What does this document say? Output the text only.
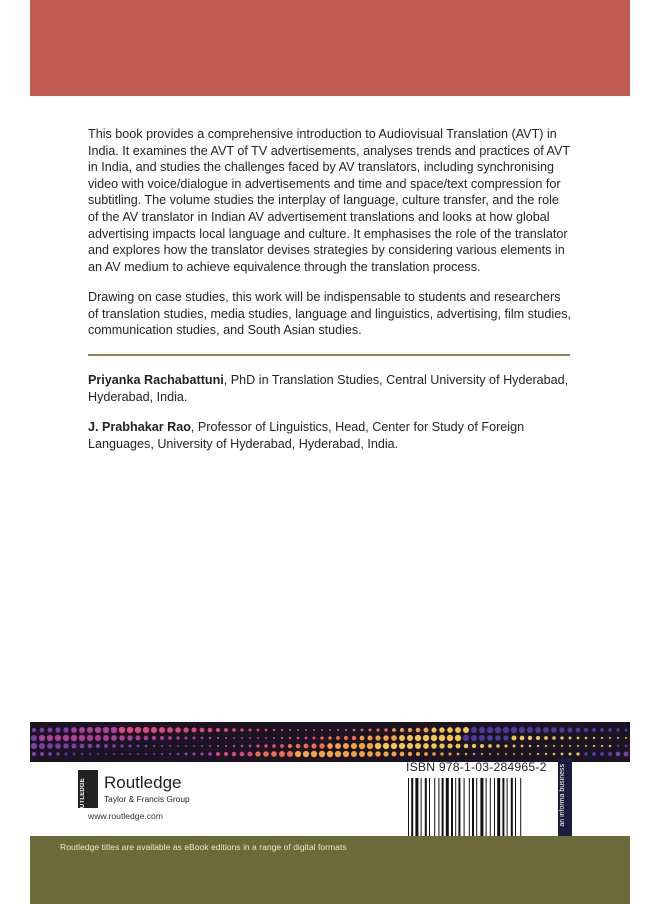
This book provides a comprehensive introduction to Audiovisual Translation (AVT) in India. It examines the AVT of TV advertisements, analyses trends and practices of AVT in India, and studies the challenges faced by AV translators, including synchronising video with voice/dialogue in advertisements and time and space/text compression for subtitling. The volume studies the interplay of language, culture transfer, and the role of the AV translator in Indian AV advertisement translations and looks at how global advertising impacts local language and culture. It emphasises the role of the translator and explores how the translator devises strategies by considering various elements in an AV medium to achieve equivalence through the translation process.

Drawing on case studies, this work will be indispensable to students and researchers of translation studies, media studies, language and linguistics, advertising, film studies, communication studies, and South Asian studies.

Priyanka Rachabattuni, PhD in Translation Studies, Central University of Hyderabad, Hyderabad, India.

J. Prabhakar Rao, Professor of Linguistics, Head, Center for Study of Foreign Languages, University of Hyderabad, Hyderabad, India.

ROUTLEDGE Routledge
Taylor & Francis Group
www.routledge.com
ISBN 978-1-03-284965-2 an informa business
Routledge titles are available as eBook editions in a range of digital formats
